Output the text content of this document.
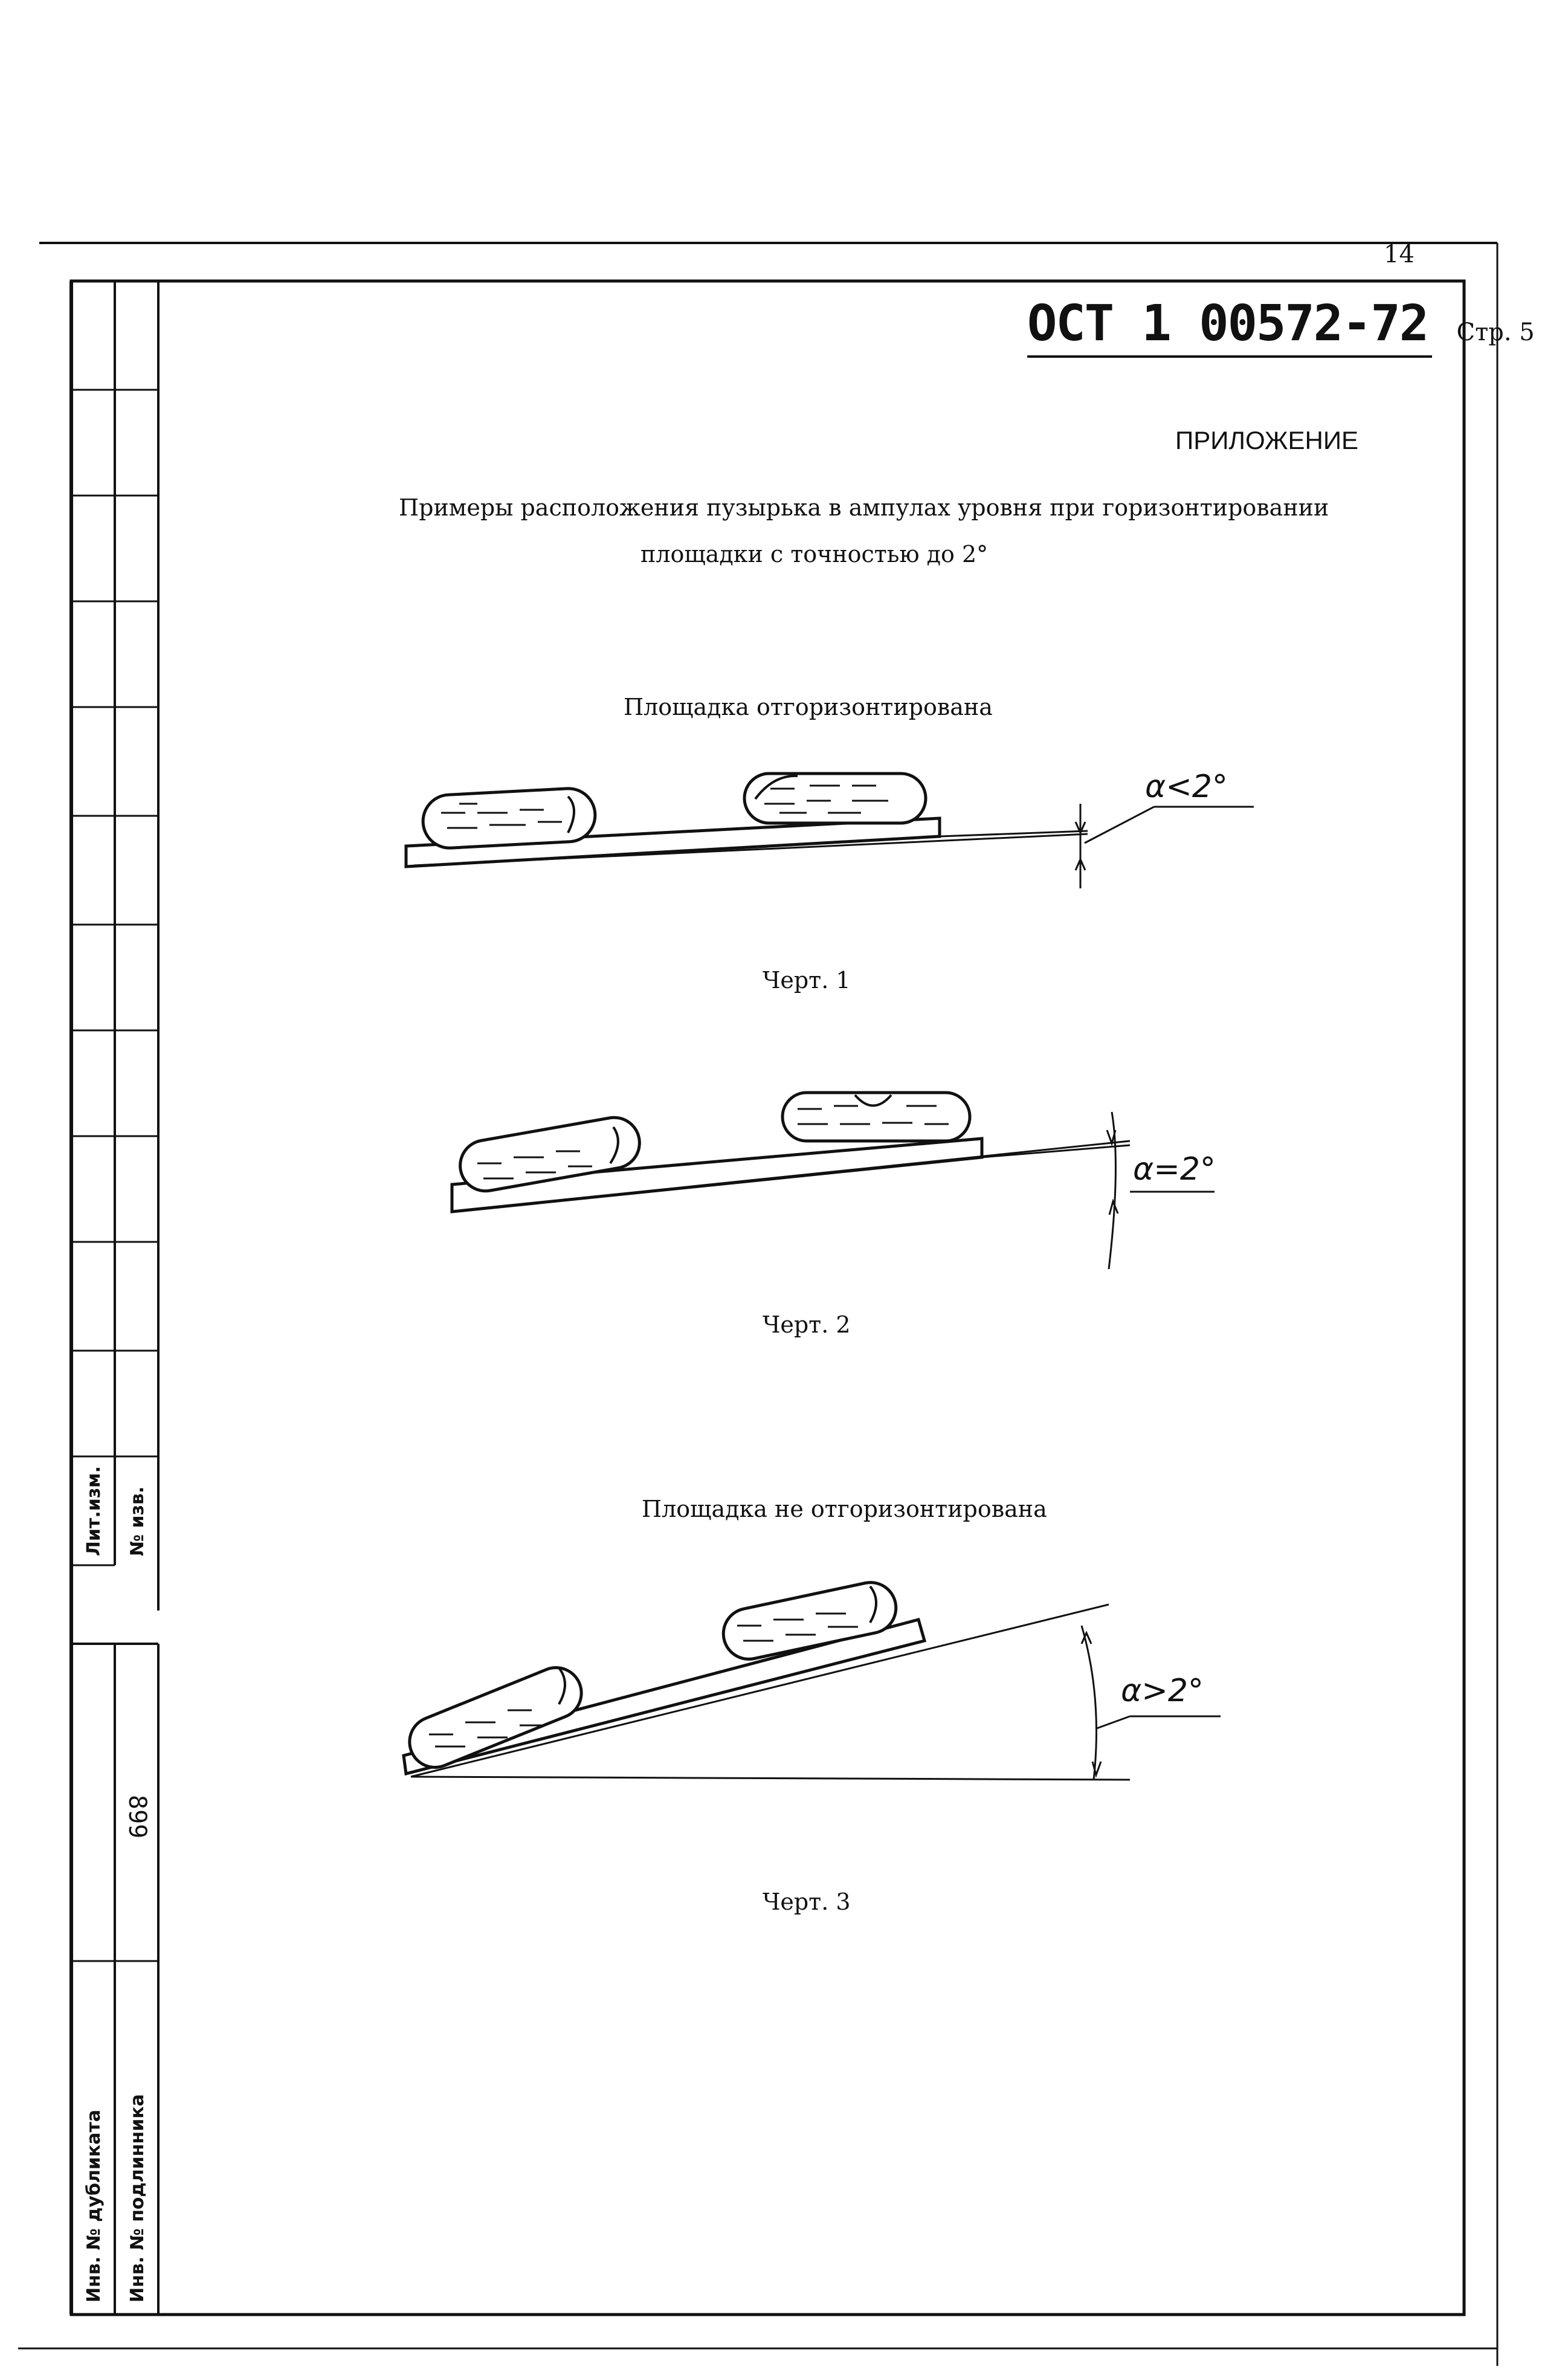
14
ОСТ 1 00572-72 Стр. 5
ПРИЛОЖЕНИЕ
Примеры расположения пузырька в ампулах уровня при горизонтировании
площадки с точностью до 2°
Площадка отгоризонтирована
α<2°
Черт. 1
α=2°
Черт. 2
Площадка не отгоризонтирована
α>2°
Черт. 3
Лит.изм. № изв.
Инв. № дубликата Инв. № подлинника
899
